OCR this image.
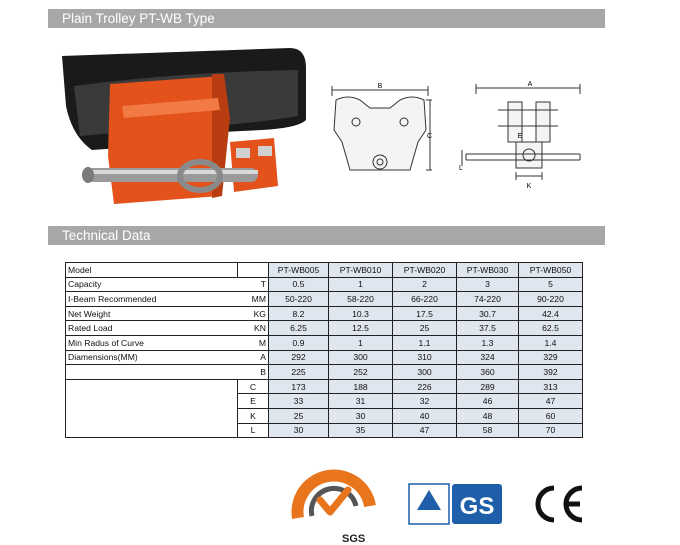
Plain Trolley PT-WB Type
B
C
A
E
L
K
Technical Data
Model		PT-WB005	PT-WB010	PT-WB020	PT-WB030	PT-WB050
Capacity	T	0.5	1	2	3	5
I-Beam Recommended	MM	50-220	58-220	66-220	74-220	90-220
Net Weight	KG	8.2	10.3	17.5	30.7	42.4
Rated Load	KN	6.25	12.5	25	37.5	62.5
Min Radus of Curve	M	0.9	1	1.1	1.3	1.4
Diamensions(MM)	A	292	300	310	324	329
	B	225	252	300	360	392
	C	173	188	226	289	313
	E	33	31	32	46	47
	K	25	30	40	48	60
	L	30	35	47	58	70
SGS
GS
